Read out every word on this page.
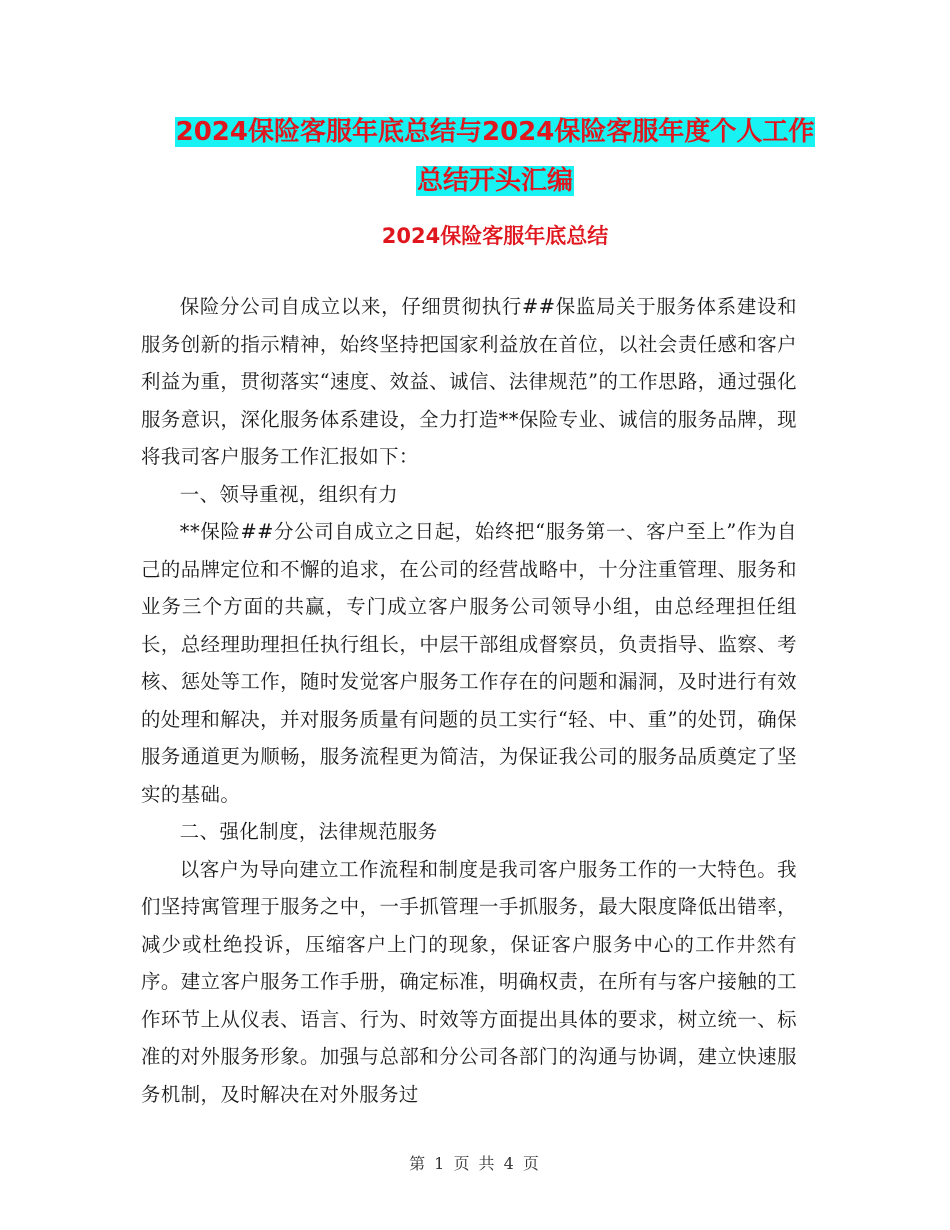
2024保险客服年底总结与2024保险客服年度个人工作
总结开头汇编
2024保险客服年底总结

保险分公司自成立以来，仔细贯彻执行##保监局关于服务体系建设和服务创新的指示精神，始终坚持把国家利益放在首位，以社会责任感和客户利益为重，贯彻落实“速度、效益、诚信、法律规范”的工作思路，通过强化服务意识，深化服务体系建设，全力打造**保险专业、诚信的服务品牌，现将我司客户服务工作汇报如下：

一、领导重视，组织有力

**保险##分公司自成立之日起，始终把“服务第一、客户至上”作为自己的品牌定位和不懈的追求，在公司的经营战略中，十分注重管理、服务和业务三个方面的共赢，专门成立客户服务公司领导小组，由总经理担任组长，总经理助理担任执行组长，中层干部组成督察员，负责指导、监察、考核、惩处等工作，随时发觉客户服务工作存在的问题和漏洞，及时进行有效的处理和解决，并对服务质量有问题的员工实行“轻、中、重”的处罚，确保服务通道更为顺畅，服务流程更为简洁，为保证我公司的服务品质奠定了坚实的基础。

二、强化制度，法律规范服务

以客户为导向建立工作流程和制度是我司客户服务工作的一大特色。我们坚持寓管理于服务之中，一手抓管理一手抓服务，最大限度降低出错率，减少或杜绝投诉，压缩客户上门的现象，保证客户服务中心的工作井然有序。建立客户服务工作手册，确定标准，明确权责，在所有与客户接触的工作环节上从仪表、语言、行为、时效等方面提出具体的要求，树立统一、标准的对外服务形象。加强与总部和分公司各部门的沟通与协调，建立快速服务机制，及时解决在对外服务过

第 1 页 共 4 页
